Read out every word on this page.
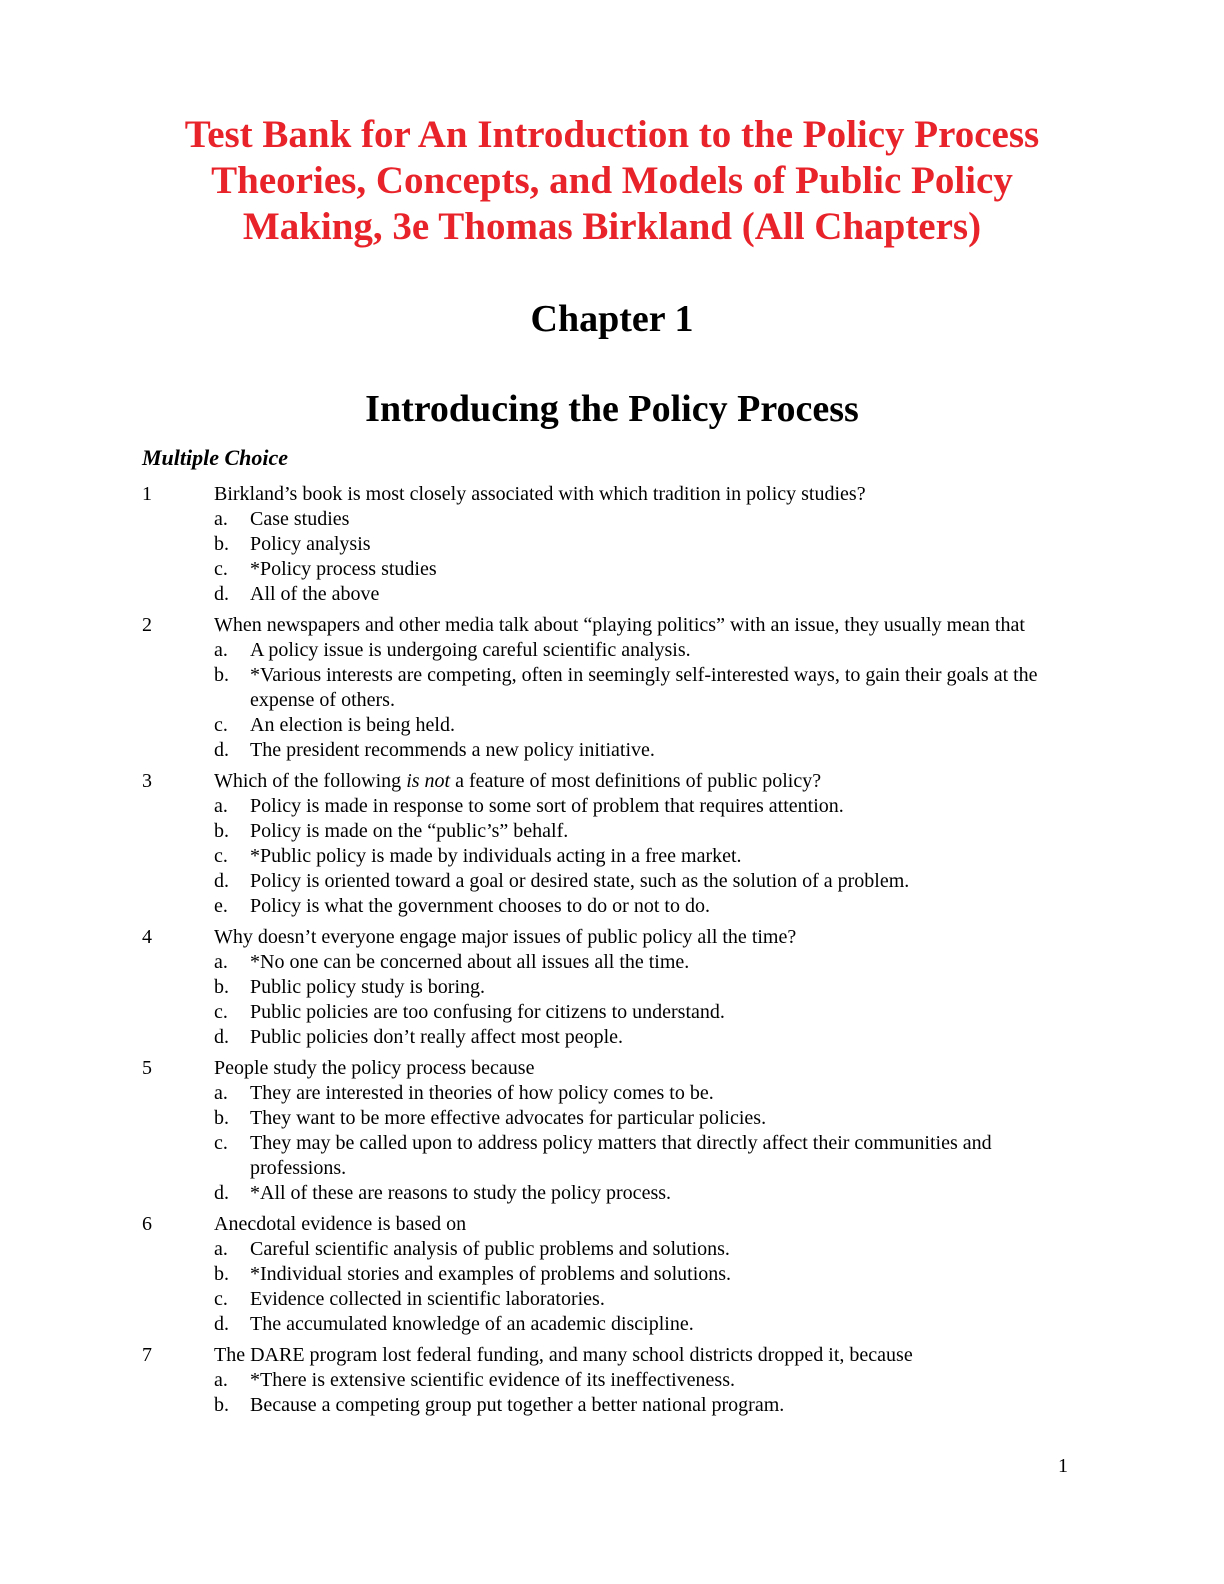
Test Bank for An Introduction to the Policy Process
Theories, Concepts, and Models of Public Policy
Making, 3e Thomas Birkland (All Chapters)
Chapter 1
Introducing the Policy Process
Multiple Choice
1	Birkland’s book is most closely associated with which tradition in policy studies?
a.	Case studies
b.	Policy analysis
c.	*Policy process studies
d.	All of the above
2	When newspapers and other media talk about “playing politics” with an issue, they usually mean that
a.	A policy issue is undergoing careful scientific analysis.
b.	*Various interests are competing, often in seemingly self-interested ways, to gain their goals at the expense of others.
c.	An election is being held.
d.	The president recommends a new policy initiative.
3	Which of the following is not a feature of most definitions of public policy?
a.	Policy is made in response to some sort of problem that requires attention.
b.	Policy is made on the “public’s” behalf.
c.	*Public policy is made by individuals acting in a free market.
d.	Policy is oriented toward a goal or desired state, such as the solution of a problem.
e.	Policy is what the government chooses to do or not to do.
4	Why doesn’t everyone engage major issues of public policy all the time?
a.	*No one can be concerned about all issues all the time.
b.	Public policy study is boring.
c.	Public policies are too confusing for citizens to understand.
d.	Public policies don’t really affect most people.
5	People study the policy process because
a.	They are interested in theories of how policy comes to be.
b.	They want to be more effective advocates for particular policies.
c.	They may be called upon to address policy matters that directly affect their communities and professions.
d.	*All of these are reasons to study the policy process.
6	Anecdotal evidence is based on
a.	Careful scientific analysis of public problems and solutions.
b.	*Individual stories and examples of problems and solutions.
c.	Evidence collected in scientific laboratories.
d.	The accumulated knowledge of an academic discipline.
7	The DARE program lost federal funding, and many school districts dropped it, because
a.	*There is extensive scientific evidence of its ineffectiveness.
b.	Because a competing group put together a better national program.
1
